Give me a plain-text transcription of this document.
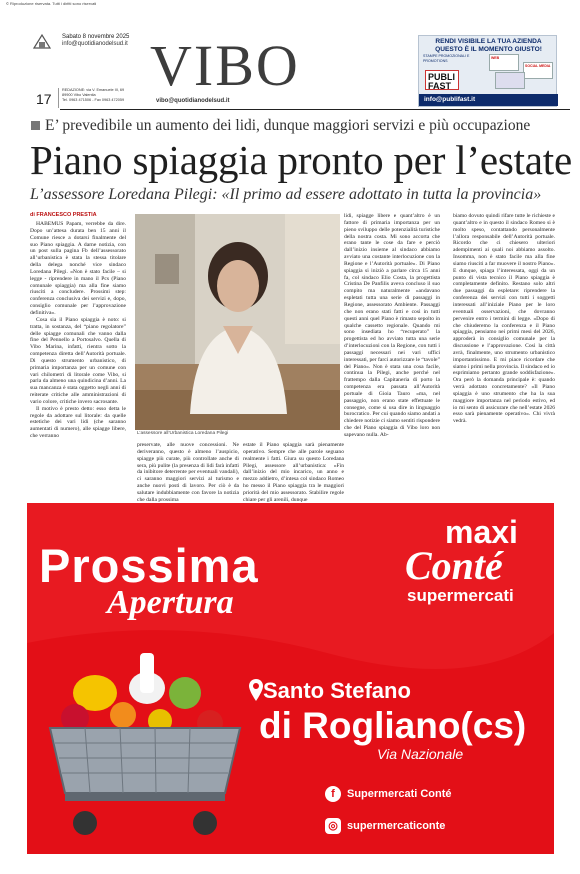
© Riproduzione riservata. Tutti i diritti sono riservati
Sabato 8 novembre 2025
info@quotidianodelsud.it
17
REDAZIONE: via V. Emanuele III, 69
89900 Vibo Valentia
Tel. 0963 471506 - Fax 0963 472059
VIBO
vibo@quotidianodelsud.it
RENDI VISIBILE LA TUA AZIENDA QUESTO È IL MOMENTO GIUSTO!
STAMPE PROMOZIONALI E PROMOTIONS
PUBLI FAST
WEB
SOCIAL MEDIA
info@publifast.it
E’ prevedibile un aumento dei lidi, dunque maggiori servizi e più occupazione
Piano spiaggia pronto per l’estate
L’assessore Loredana Pilegi: «Il primo ad essere adottato in tutta la provincia»
di FRANCESCO PRESTIA

HABEMUS Papam, verrebbe da dire. Dopo un’attesa durata ben 15 anni il Comune riesce a dotarsi finalmente del suo Piano spiaggia. A darne notizia, con un post sulla pagina Fb dell’assessorato all’urbanistica è stata la stessa titolare della delega nonché vice sindaco Loredana Pilegi. «Non è stato facile – si legge - riprendere in mano il Pcs (Piano comunale spiaggia) ma alla fine siamo riusciti a concludere. Prossimi step: conferenza conclusiva dei servizi e, dopo, consiglio comunale per l’approvazione definitiva».

Cosa sia il Piano spiaggia è noto: si tratta, in sostanza, del “piano regolatore” delle spiagge comunali che vanno dalla fine del Pennello a Portosalvo. Quella di Vibo Marina, infatti, rientra sotto la competenza diretta dell’Autorità portuale. Di questo strumento urbanistico, di primaria importanza per un comune con vari chilometri di litorale come Vibo, si parla da almeno una quindicina d’anni. La sua mancanza è stata oggetto negli anni di reiterate critiche alle amministrazioni di vario colore, critiche invero sacrosante.

Il motivo è presto detto: esso detta le regole da adottare sul litorale: da quelle estetiche dei vari lidi (che saranno aumentati di numero), alle spiagge libere, che verranno	L’assessore all’Urbanistica Loredana Pilegi

preservate, alle nuove concessioni. Ne deriveranno, questo è almeno l’auspicio, spiagge più curate, più controllate anche di sera, più pulite (la presenza di lidi farà infatti da inibitore deterrente per eventuali vandali), ci saranno maggiori servizi al turismo e anche nuovi posti di lavoro. Per ciò è da salutare indubbiamente con favore la notizia che dalla prossima

estate il Piano spiaggia sarà pienamente operativo. Sempre che alle parole seguano realmente i fatti. Giura su questo Loredana Pilegi, assessore all’urbanistica: «Fin dall’inizio del mio incarico, un anno e mezzo addietro, d’intesa col sindaco Romeo ho messo il Piano spiaggia tra le maggiori priorità del mio assessorato. Stabilire regole chiare per gli arenili, dunque

lidi, spiagge libere e quant’altro è un fattore di primaria importanza per un pieno sviluppo delle potenzialità turistiche della nostra costa. Mi sono accorta che erano tante le cose da fare e perciò dall’inizio insieme al sindaco abbiamo avviato una costante interlocuzione con la Regione e l’Autorità portuale». Di Piano spiaggia si iniziò a parlare circa 15 anni fa, col sindaco Elio Costa, la progettista Cristina De Panfilis aveva concluso il suo compito ma naturalmente «andavano espletati tutta una serie di passaggi in Regione, assessorato Ambiente. Passaggi che non erano stati fatti e così in tutti questi anni quel Piano è rimasto sepolto in qualche cassetto regionale. Quando mi sono insediata ho “recuperato” la progettista ed ho avviato tutta una serie d’interlocuzioni con la Regione, con tutti i passaggi necessari nei vari uffici interessati, per farci autorizzare le “tavole” del Piano». Non è stata una cosa facile, continua la Pilegi, anche perché nel frattempo dalla Capitaneria di porto la competenza era passata all’Autorità portuale di Gioia Tauro «ma, nel passaggio, non erano state effettuate le consegne, come si usa dire in linguaggio burocratico. Per cui quando siamo andati a chiedere notizie ci siamo sentiti rispondere che del Piano spiaggia di Vibo loro non sapevano nulla. Ab-

biamo dovuto quindi rifare tutte le richieste e quant’altro e in questo il sindaco Romeo si è molto speso, contattando personalmente l’allora responsabile dell’Autorità portuale. Ricordo che ci chiesero ulteriori adempimenti ai quali noi abbiamo assolto. Insomma, non è stato facile ma alla fine siamo riusciti a far muovere il nostro Piano». E dunque, spiaga l’interessata, oggi da un punto di vista tecnico il Piano spiaggia è completamente definito. Restano solo altri due passaggi da espletare: riprendere la conferenza dei servizi con tutti i soggetti interessati all’iniziale Piano per le loro eventuali osservazioni, che dovranno pervenire entro i termini di legge. «Dopo di che chiuderemo la conferenza e il Piano spiaggia, pensiamo nei primi mesi del 2026, approderà in consiglio comunale per la discussione e l’approvazione. Così la città avrà, finalmente, uno strumento urbanistico importantissimo. E mi piace ricordare che siamo i primi nella provincia. Il sindaco ed io esprimiamo pertanto grande soddisfazione». Ora però la domanda principale è: quando verrà adottato concretamente? «Il Piano spiaggia è uno strumento che ha la sua maggiore importanza nel periodo estivo, ed io mi sento di assicurare che nell’estate 2026 esso sarà pienamente operativo». Chi vivrà vedrà.

Prossima
Apertura
maxi
Conté
supermercati
Santo Stefano
di Rogliano(cs)
Via Nazionale
f	Supermercati Conté
◎ supermercaticonte
